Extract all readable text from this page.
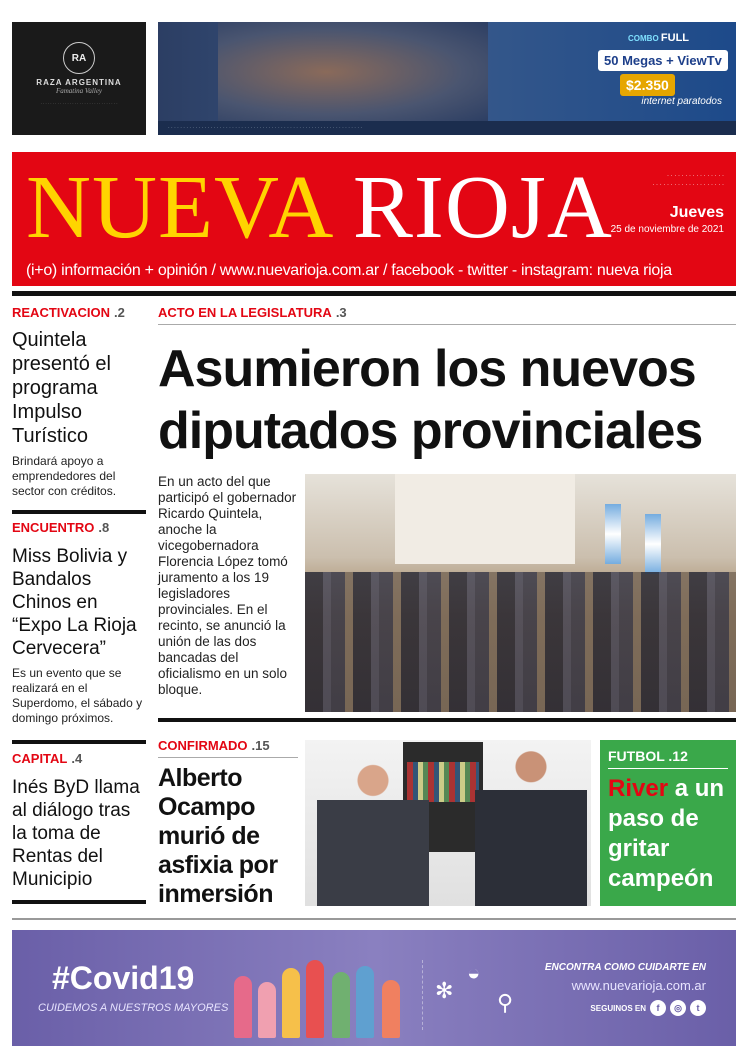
RA
RAZA ARGENTINA
Famatina Valley
· · · · · · · · · · · · · · · · · · · · · · · · · · · · · · · ·
COMBO FULL
50 Megas + ViewTv
$2.350
internet paratodos
· · · · · · · · · · · · · · · · · · · · · · · · · · · · · · · · · · · · · · · · · · · · · · · · · · · · · · · · · · · · · · · ·
NUEVA RIOJA	· · · · · · · · · · · · · · · ·
· · · · · · · · · · · · · · · · · · · ·
Jueves
25 de noviembre de 2021
(i+o) información + opinión / www.nuevarioja.com.ar / facebook - twitter - instagram: nueva rioja
REACTIVACION .2
Quintela presentó el programa Impulso Turístico
Brindará apoyo a emprendedores del sector con créditos.
ENCUENTRO .8
Miss Bolivia y Bandalos Chinos en “Expo La Rioja Cervecera”
Es un evento que se realizará en el Superdomo, el sábado y domingo próximos.
CAPITAL .4
Inés ByD llama al diálogo tras la toma de Rentas del Municipio
ACTO EN LA LEGISLATURA .3
Asumieron los nuevos diputados provinciales
En un acto del que participó el gobernador Ricardo Quintela, anoche la vicegobernadora Florencia López tomó juramento a los 19 legisladores provinciales. En el recinto, se anunció la unión de las dos bancadas del oficialismo en un solo bloque.
CONFIRMADO .15
Alberto Ocampo murió de asfixia por inmersión
FUTBOL .12
River a un paso de gritar campeón
#Covid19
CUIDEMOS A NUESTROS MAYORES
✻
◒
⚲
ENCONTRA COMO CUIDARTE EN
www.nuevarioja.com.ar
SEGUINOS EN	f	◎	t
